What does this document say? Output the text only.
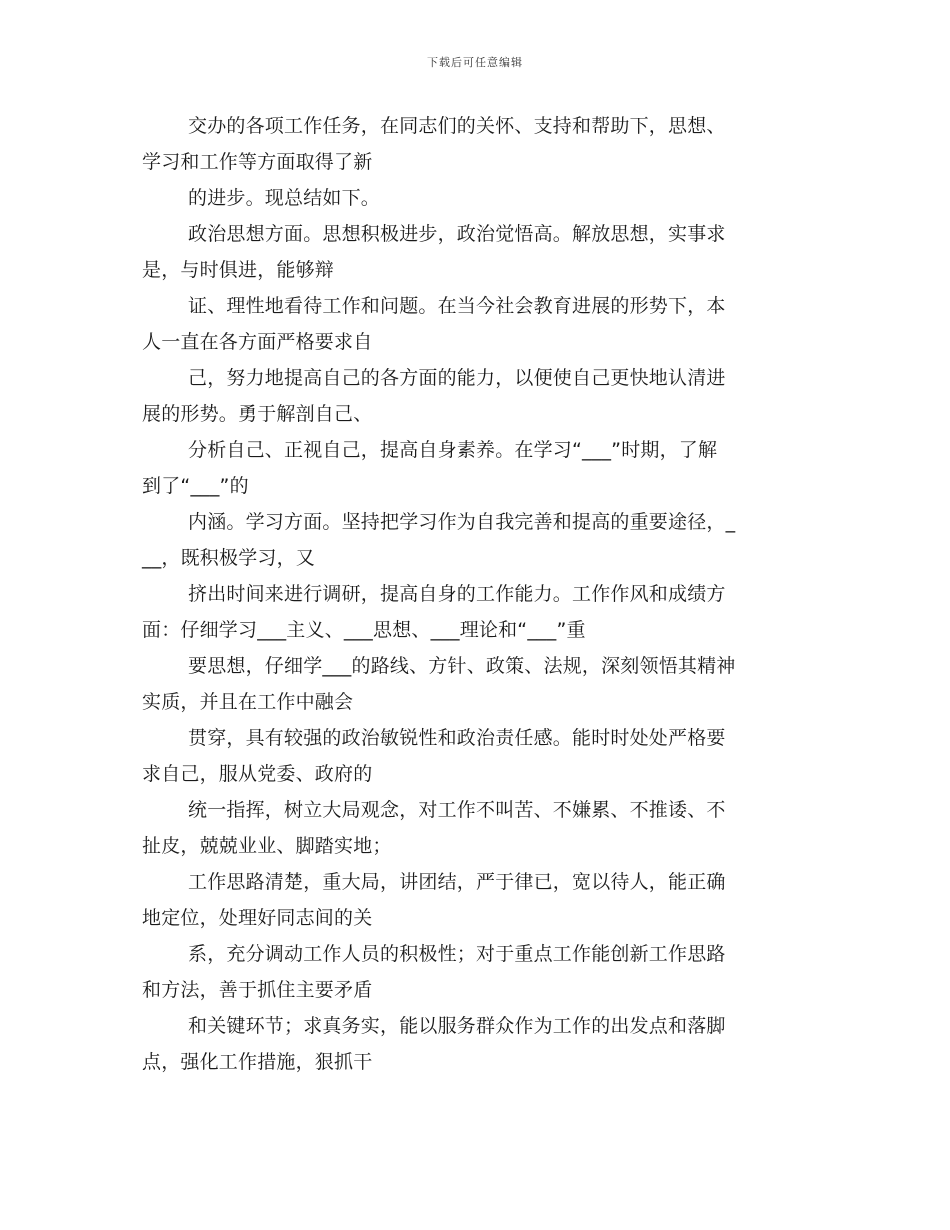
下载后可任意编辑
交办的各项工作任务，在同志们的关怀、支持和帮助下，思想、
学习和工作等方面取得了新
的进步。现总结如下。
政治思想方面。思想积极进步，政治觉悟高。解放思想，实事求
是，与时俱进，能够辩
证、理性地看待工作和问题。在当今社会教育进展的形势下，本
人一直在各方面严格要求自
己，努力地提高自己的各方面的能力，以便使自己更快地认清进
展的形势。勇于解剖自己、
分析自己、正视自己，提高自身素养。在学习“___”时期，了解
到了“___”的
内涵。学习方面。坚持把学习作为自我完善和提高的重要途径，_
__，既积极学习，又
挤出时间来进行调研，提高自身的工作能力。工作作风和成绩方
面：仔细学习___主义、___思想、___理论和“___”重
要思想，仔细学___的路线、方针、政策、法规，深刻领悟其精神
实质，并且在工作中融会
贯穿，具有较强的政治敏锐性和政治责任感。能时时处处严格要
求自己，服从党委、政府的
统一指挥，树立大局观念，对工作不叫苦、不嫌累、不推诿、不
扯皮，兢兢业业、脚踏实地；
工作思路清楚，重大局，讲团结，严于律已，宽以待人，能正确
地定位，处理好同志间的关
系，充分调动工作人员的积极性；对于重点工作能创新工作思路
和方法，善于抓住主要矛盾
和关键环节；求真务实，能以服务群众作为工作的出发点和落脚
点，强化工作措施，狠抓干
